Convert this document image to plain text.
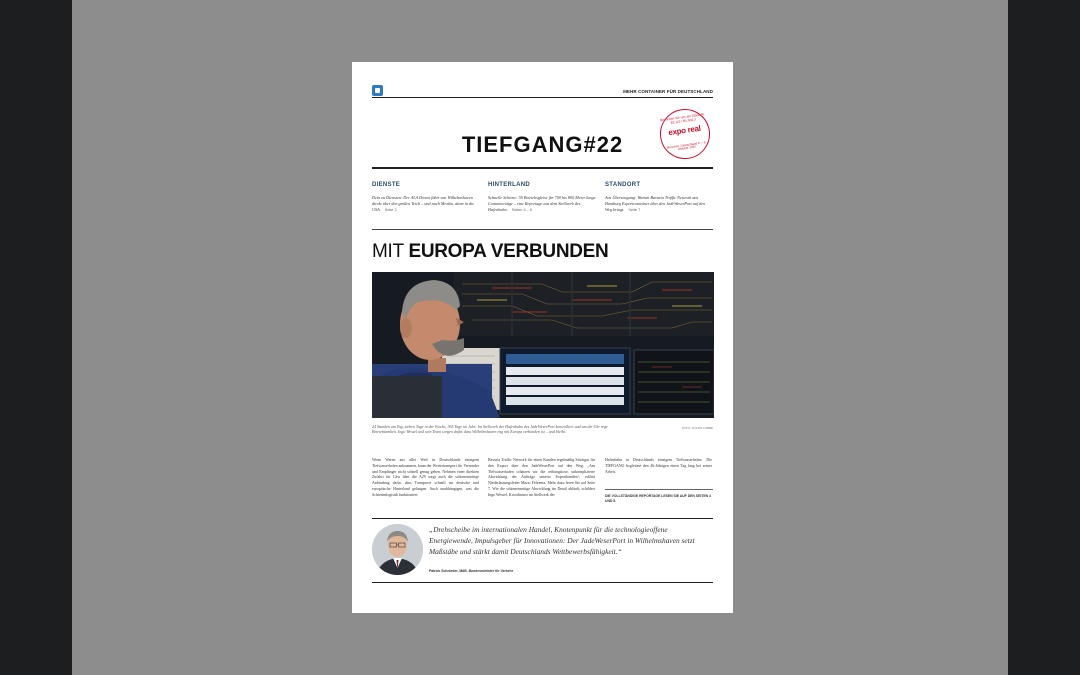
MEHR CONTAINER FÜR DEUTSCHLAND
Besuchen Sie uns am Stand Nr. B2.113 / B1.504.3
expo real
München, Deutschland 6. – 8. Oktober 2025
TIEFGANG#22
DIENSTE
Dein zu Diensten: Der ALA Dienst führt von Wilhelmshaven direkt über den großen Teich – und nach Mexiko, dann in die USA. Seite 2
HINTERLAND
Schnelle Schiene: 55 Betriebsgleise für 700 bis 800 Meter lange Containerzüge – eine Reportage aus dem Stellwerk des Hafenbahn. Seiten 4 – 6
STANDORT
Aus Überzeugung: Warum Bavaria Traffic Network aus Hamburg Exportcontainer über den JadeWeserPort auf den Weg bringt. Seite 7
MIT EUROPA VERBUNDEN
24 Stunden am Tag, sieben Tage in der Woche, 365 Tage im Jahr: Im Stellwerk der Hafenbahn des JadeWeserPort kontrolliert und um die Uhr rege Betriebsamkeit. Ingo Wessel und sein Team sorgen dafür, dass Wilhelmshaven eng mit Europa verbunden ist – und bleibt.
FOTO: JUSTIN LOBBE
Wenn Waren aus aller Welt in Deutschlands einzigem Tiefwasserhafen ankommen, kann der Weitertransport für Versender und Empfänger nicht schnell genug gehen. Nehmen einer direkten Zufahrt für Lkw über die A29 sorgt auch die schienenseitige Anbindung dafür, dass Transporte schnell ins deutsche und europäische Hinterland gelangen. Auch unabhängigen, was die Schienenlogistik funktioniert.
Bavaria Traffic Network für einen Kunden regelmäßig Stückgut für den Export über den JadeWeserPort auf den Weg. „Am Tiefwasserhafen schätzen wir die reibungslose, unkomplizierte Abwicklung der Aufträge unserer Exportkunden“, erklärt Niederlassungsleiter Mario Fehrentz. Mehr dazu lesen Sie auf Seite 7. Wie die schienenseitige Abwicklung im Detail abläuft, schildert Ingo Wessel, Koordinator im Stellwerk der
Hafenbahn in Deutschlands einzigem Tiefwasserhafen. Die TIEFGANG begleitete den 46-Jährigen einen Tag lang bei seiner Arbeit.
DIE VOLLSTÄNDIGE REPORTAGE LESEN SIE AUF DEN SEITEN 4 UND 5.
„Drehscheibe im internationalen Handel, Knotenpunkt für die technologieoffene Energiewende, Impulsgeber für Innovationen: Der JadeWeserPort in Wilhelmshaven setzt Maßstäbe und stärkt damit Deutschlands Wettbewerbsfähigkeit.“
Patrick Schnieder, MdB, Bundesminister für Verkehr
